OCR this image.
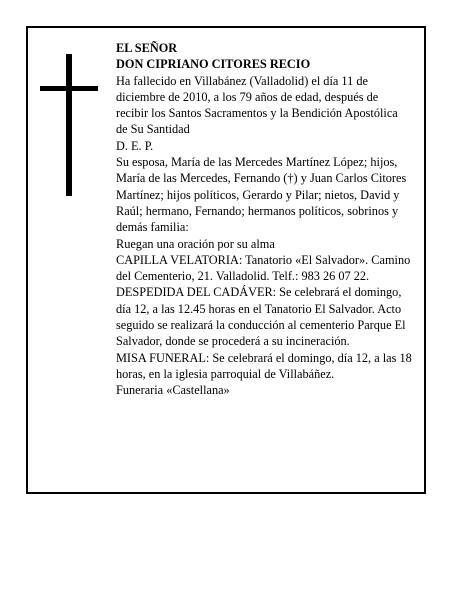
EL SEÑOR

DON CIPRIANO CITORES RECIO

Ha fallecido en Villabánez (Valladolid) el día 11 de diciembre de 2010, a los 79 años de edad, después de recibir los Santos Sacramentos y la Bendición Apostólica de Su Santidad

D. E. P.

Su esposa, María de las Mercedes Martínez López; hijos, María de las Mercedes, Fernando (†) y Juan Carlos Citores Martínez; hijos políticos, Gerardo y Pilar; nietos, David y Raúl; hermano, Fernando; hermanos políticos, sobrinos y demás familia:

Ruegan una oración por su alma

CAPILLA VELATORIA: Tanatorio «El Salvador». Camino del Cementerio, 21. Valladolid. Telf.: 983 26 07 22.

DESPEDIDA DEL CADÁVER: Se celebrará el domingo, día 12, a las 12.45 horas en el Tanatorio El Salvador. Acto seguido se realizará la conducción al cementerio Parque El Salvador, donde se procederá a su incineración.

MISA FUNERAL: Se celebrará el domingo, día 12, a las 18 horas, en la iglesia parroquial de Villabáñez.

Funeraria «Castellana»
